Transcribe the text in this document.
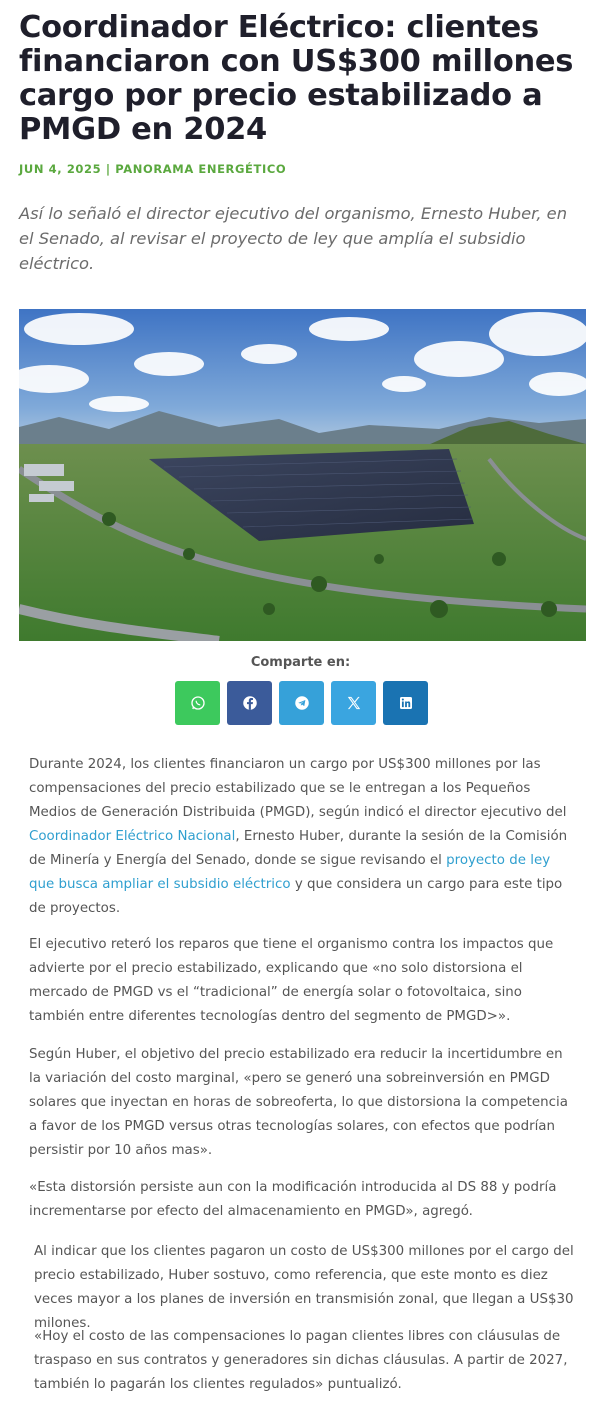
Coordinador Eléctrico: clientes financiaron con US$300 millones cargo por precio estabilizado a PMGD en 2024
JUN 4, 2025 | PANORAMA ENERGÉTICO

Así lo señaló el director ejecutivo del organismo, Ernesto Huber, en el Senado, al revisar el proyecto de ley que amplía el subsidio eléctrico.

Comparte en:

Durante 2024, los clientes financiaron un cargo por US$300 millones por las compensaciones del precio estabilizado que se le entregan a los Pequeños Medios de Generación Distribuida (PMGD), según indicó el director ejecutivo del Coordinador Eléctrico Nacional, Ernesto Huber, durante la sesión de la Comisión de Minería y Energía del Senado, donde se sigue revisando el proyecto de ley que busca ampliar el subsidio eléctrico y que considera un cargo para este tipo de proyectos.

El ejecutivo reteró los reparos que tiene el organismo contra los impactos que advierte por el precio estabilizado, explicando que «no solo distorsiona el mercado de PMGD vs el “tradicional” de energía solar o fotovoltaica, sino también entre diferentes tecnologías dentro del segmento de PMGD>».

Según Huber, el objetivo del precio estabilizado era reducir la incertidumbre en la variación del costo marginal, «pero se generó una sobreinversión en PMGD solares que inyectan en horas de sobreoferta, lo que distorsiona la competencia a favor de los PMGD versus otras tecnologías solares, con efectos que podrían persistir por 10 años mas».

«Esta distorsión persiste aun con la modificación introducida al DS 88 y podría incrementarse por efecto del almacenamiento en PMGD», agregó.

Al indicar que los clientes pagaron un costo de US$300 millones por el cargo del precio estabilizado, Huber sostuvo, como referencia, que este monto es diez veces mayor a los planes de inversión en transmisión zonal, que llegan a US$30 milones.

«Hoy el costo de las compensaciones lo pagan clientes libres con cláusulas de traspaso en sus contratos y generadores sin dichas cláusulas. A partir de 2027, también lo pagarán los clientes regulados» puntualizó.
